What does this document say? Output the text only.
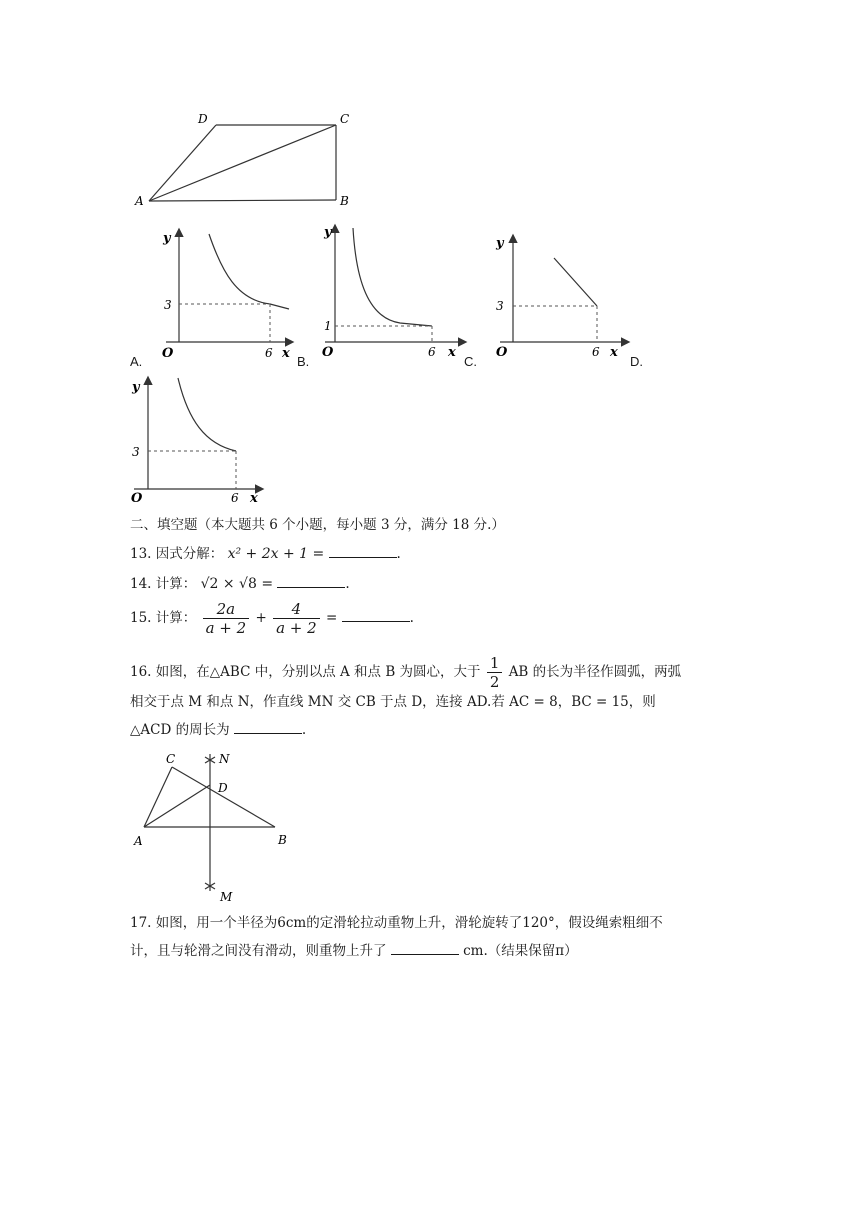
D	C
A	B
A.
y
3
O	6 x
B.
y
1
O	6 x
C.
y
3
O	6 x
D.
y
3
O	6 x
二、填空题（本大题共 6 个小题，每小题 3 分，满分 18 分.）
13. 因式分解： x² + 2x + 1 =	.
14. 计算： √2 × √8 =	.
15. 计算： $\frac{2a}{a + 2} + \frac{4}{a + 2}$ =	.
16. 如图，在△ABC 中，分别以点 A 和点 B 为圆心，大于 $\frac{1}{2}$ AB 的长为半径作圆弧，两弧
相交于点 M 和点 N，作直线 MN 交 CB 于点 D，连接 AD.若 AC = 8，BC = 15，则
△ACD 的周长为	.
C	N
D
A	B
M
17. 如图，用一个半径为6cm的定滑轮拉动重物上升，滑轮旋转了120°，假设绳索粗细不
计，且与轮滑之间没有滑动，则重物上升了	cm.（结果保留π）
